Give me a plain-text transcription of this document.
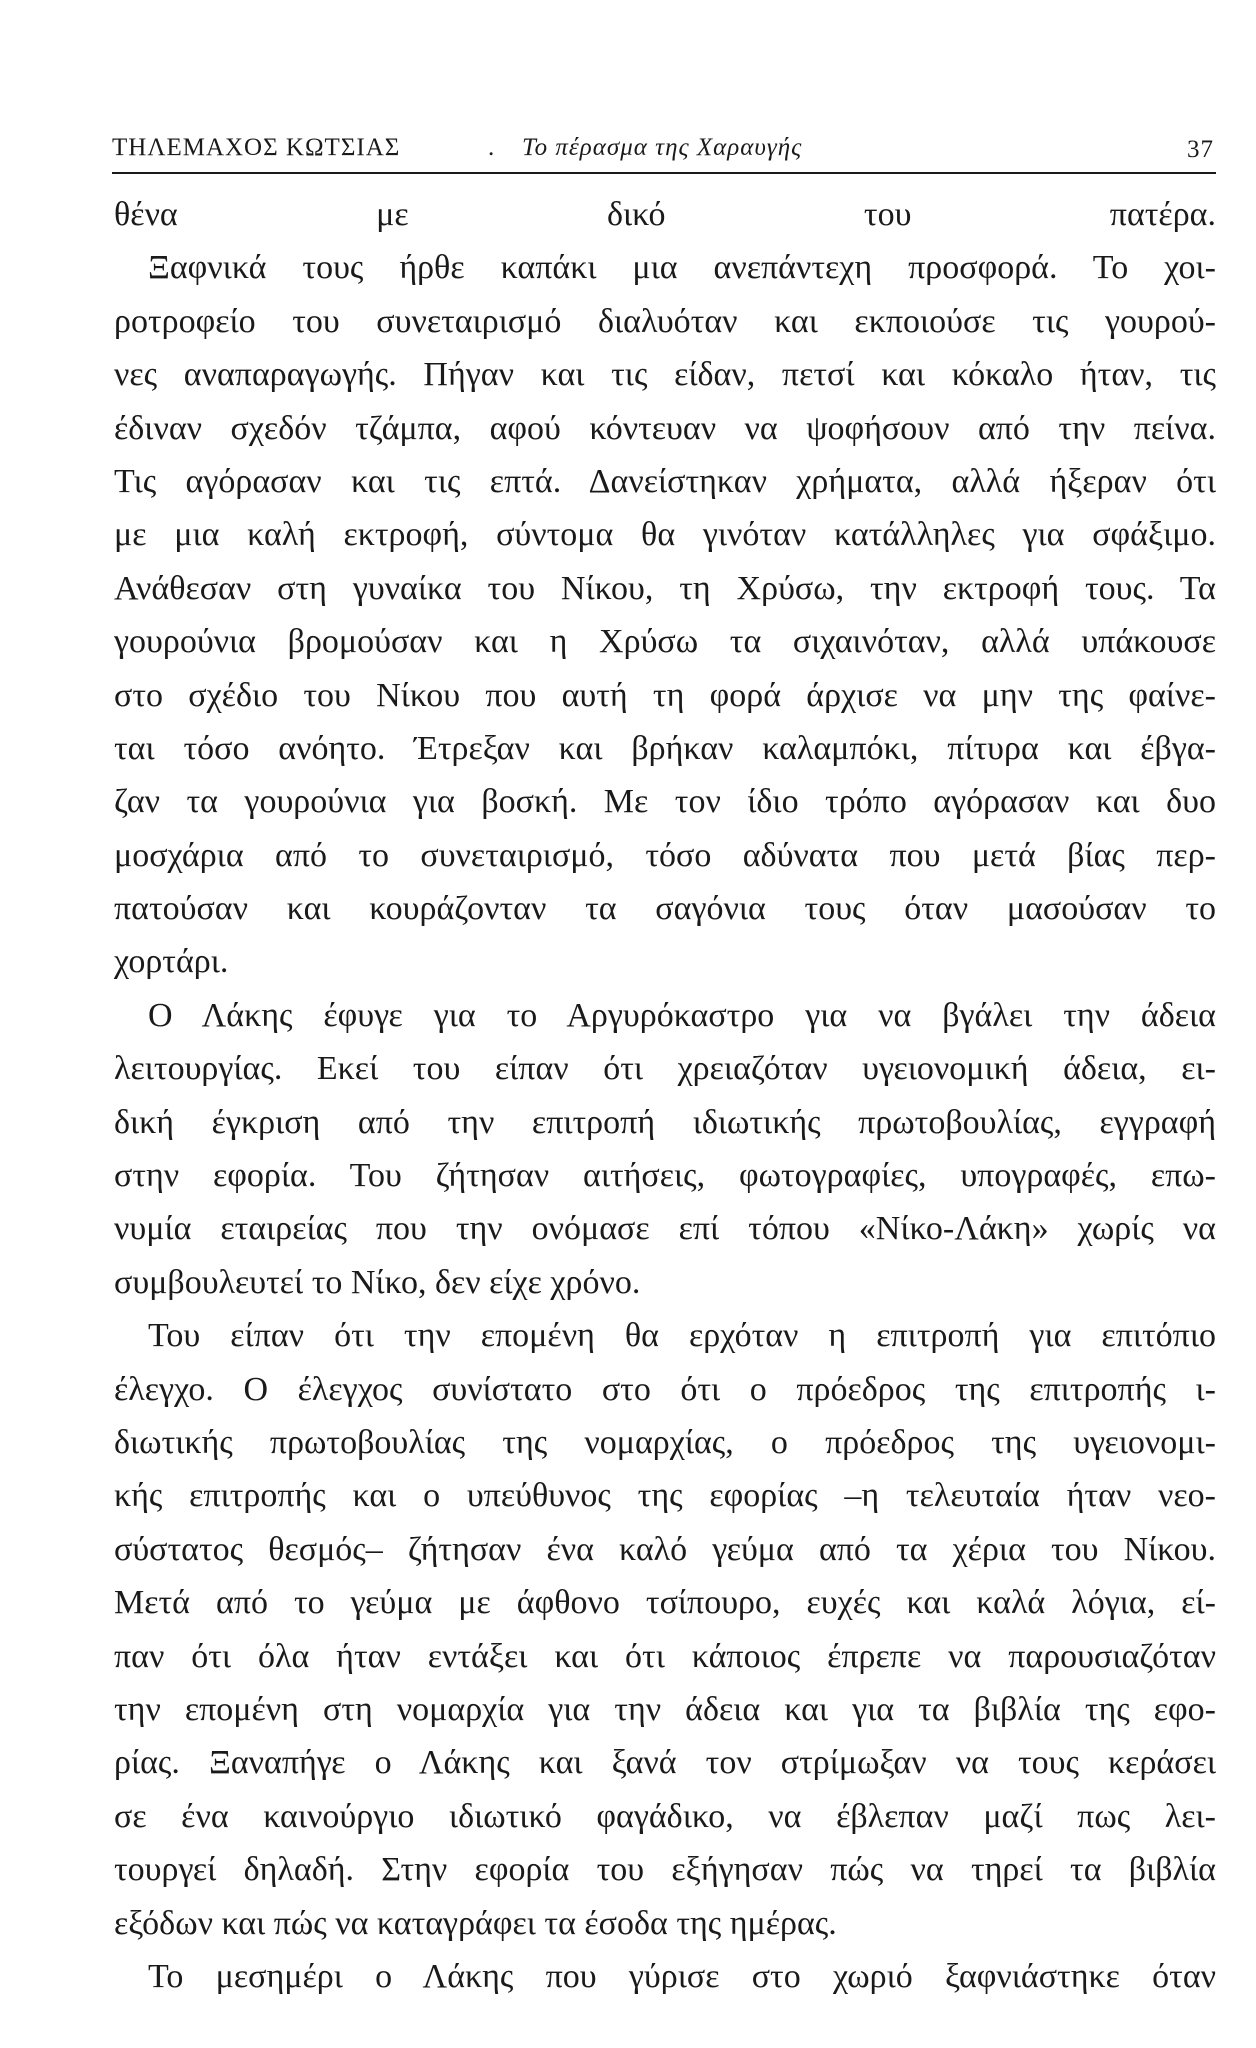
ΤΗΛΕΜΑΧΟΣ ΚΩΤΣΙΑΣ	. Το πέρασμα της Χαραυγής	37
θένα με δικό του πατέρα.
Ξαφνικά τους ήρθε καπάκι μια ανεπάντεχη προσφορά. Το χοι-
ροτροφείο του συνεταιρισμό διαλυόταν και εκποιούσε τις γουρού-
νες αναπαραγωγής. Πήγαν και τις είδαν, πετσί και κόκαλο ήταν, τις
έδιναν σχεδόν τζάμπα, αφού κόντευαν να ψοφήσουν από την πείνα.
Τις αγόρασαν και τις επτά. Δανείστηκαν χρήματα, αλλά ήξεραν ότι
με μια καλή εκτροφή, σύντομα θα γινόταν κατάλληλες για σφάξιμο.
Ανάθεσαν στη γυναίκα του Νίκου, τη Χρύσω, την εκτροφή τους. Τα
γουρούνια βρομούσαν και η Χρύσω τα σιχαινόταν, αλλά υπάκουσε
στο σχέδιο του Νίκου που αυτή τη φορά άρχισε να μην της φαίνε-
ται τόσο ανόητο. Έτρεξαν και βρήκαν καλαμπόκι, πίτυρα και έβγα-
ζαν τα γουρούνια για βοσκή. Με τον ίδιο τρόπο αγόρασαν και δυο
μοσχάρια από το συνεταιρισμό, τόσο αδύνατα που μετά βίας περ-
πατούσαν και κουράζονταν τα σαγόνια τους όταν μασούσαν το
χορτάρι.
Ο Λάκης έφυγε για το Αργυρόκαστρο για να βγάλει την άδεια
λειτουργίας. Εκεί του είπαν ότι χρειαζόταν υγειονομική άδεια, ει-
δική έγκριση από την επιτροπή ιδιωτικής πρωτοβουλίας, εγγραφή
στην εφορία. Του ζήτησαν αιτήσεις, φωτογραφίες, υπογραφές, επω-
νυμία εταιρείας που την ονόμασε επί τόπου «Νίκο-Λάκη» χωρίς να
συμβουλευτεί το Νίκο, δεν είχε χρόνο.
Του είπαν ότι την επομένη θα ερχόταν η επιτροπή για επιτόπιο
έλεγχο. Ο έλεγχος συνίστατο στο ότι ο πρόεδρος της επιτροπής ι-
διωτικής πρωτοβουλίας της νομαρχίας, ο πρόεδρος της υγειονομι-
κής επιτροπής και ο υπεύθυνος της εφορίας –η τελευταία ήταν νεο-
σύστατος θεσμός– ζήτησαν ένα καλό γεύμα από τα χέρια του Νίκου.
Μετά από το γεύμα με άφθονο τσίπουρο, ευχές και καλά λόγια, εί-
παν ότι όλα ήταν εντάξει και ότι κάποιος έπρεπε να παρουσιαζόταν
την επομένη στη νομαρχία για την άδεια και για τα βιβλία της εφο-
ρίας. Ξαναπήγε ο Λάκης και ξανά τον στρίμωξαν να τους κεράσει
σε ένα καινούργιο ιδιωτικό φαγάδικο, να έβλεπαν μαζί πως λει-
τουργεί δηλαδή. Στην εφορία του εξήγησαν πώς να τηρεί τα βιβλία
εξόδων και πώς να καταγράφει τα έσοδα της ημέρας.
Το μεσημέρι ο Λάκης που γύρισε στο χωριό ξαφνιάστηκε όταν
